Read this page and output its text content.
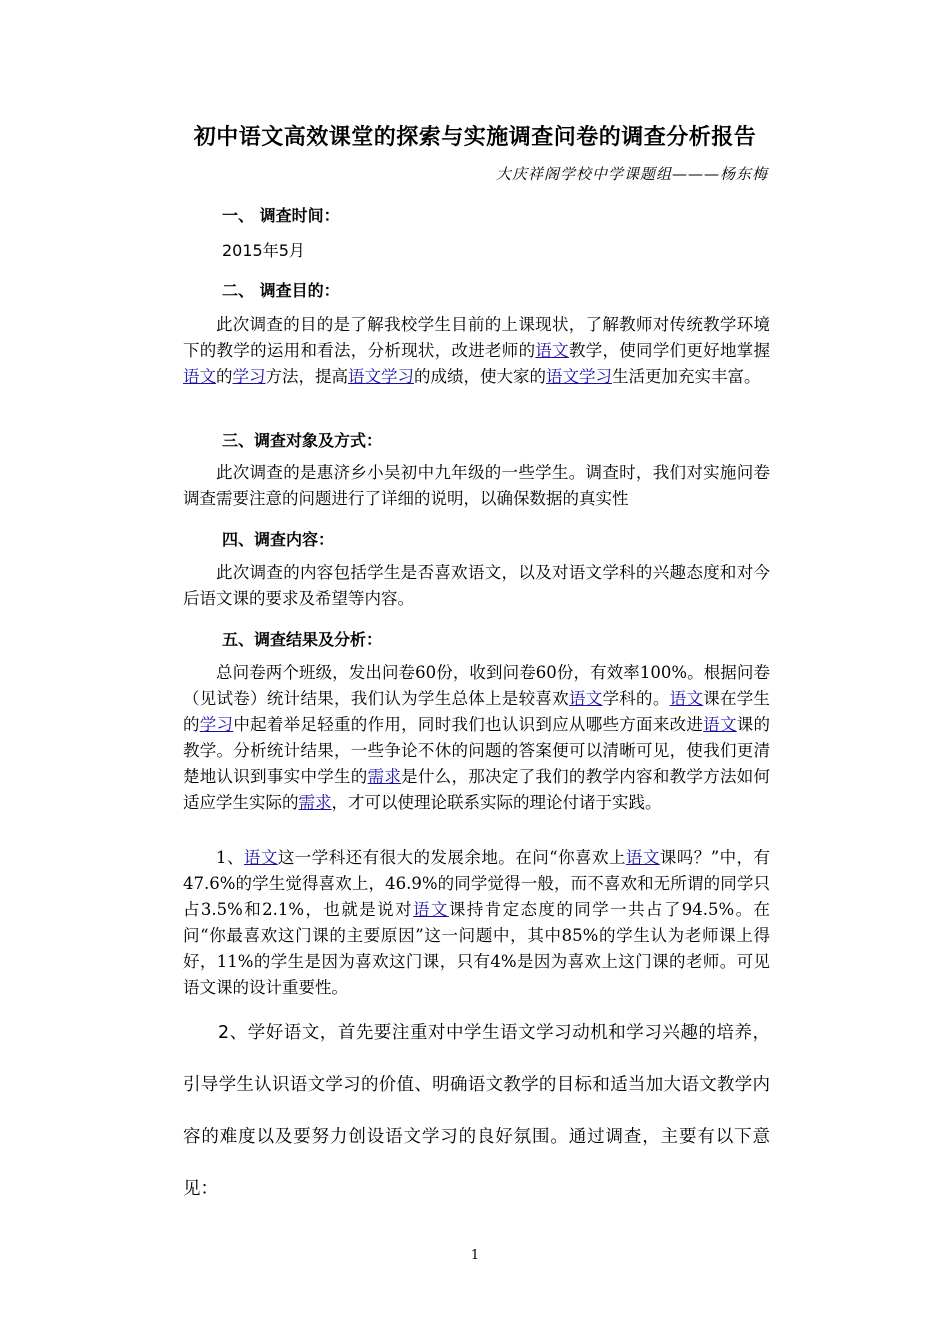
初中语文高效课堂的探索与实施调查问卷的调查分析报告
大庆祥阁学校中学课题组———杨东梅
一、 调查时间：
2015年5月
二、 调查目的：
此次调查的目的是了解我校学生目前的上课现状，了解教师对传统教学环境下的教学的运用和看法，分析现状，改进老师的语文教学，使同学们更好地掌握语文的学习方法，提高语文学习的成绩，使大家的语文学习生活更加充实丰富。
三、调查对象及方式：
此次调查的是惠济乡小吴初中九年级的一些学生。调查时，我们对实施问卷调查需要注意的问题进行了详细的说明，以确保数据的真实性
四、调查内容：
此次调查的内容包括学生是否喜欢语文，以及对语文学科的兴趣态度和对今后语文课的要求及希望等内容。
五、调查结果及分析：
总问卷两个班级，发出问卷60份，收到问卷60份，有效率100%。根据问卷（见试卷）统计结果，我们认为学生总体上是较喜欢语文学科的。语文课在学生的学习中起着举足轻重的作用，同时我们也认识到应从哪些方面来改进语文课的教学。分析统计结果，一些争论不休的问题的答案便可以清晰可见，使我们更清楚地认识到事实中学生的需求是什么，那决定了我们的教学内容和教学方法如何适应学生实际的需求，才可以使理论联系实际的理论付诸于实践。
1、语文这一学科还有很大的发展余地。在问“你喜欢上语文课吗？”中，有47.6%的学生觉得喜欢上，46.9%的同学觉得一般，而不喜欢和无所谓的同学只占3.5%和2.1%，也就是说对语文课持肯定态度的同学一共占了94.5%。在问“你最喜欢这门课的主要原因”这一问题中，其中85%的学生认为老师课上得好，11%的学生是因为喜欢这门课，只有4%是因为喜欢上这门课的老师。可见语文课的设计重要性。
2、学好语文，首先要注重对中学生语文学习动机和学习兴趣的培养，引导学生认识语文学习的价值、明确语文教学的目标和适当加大语文教学内容的难度以及要努力创设语文学习的良好氛围。通过调查，主要有以下意见：
1
